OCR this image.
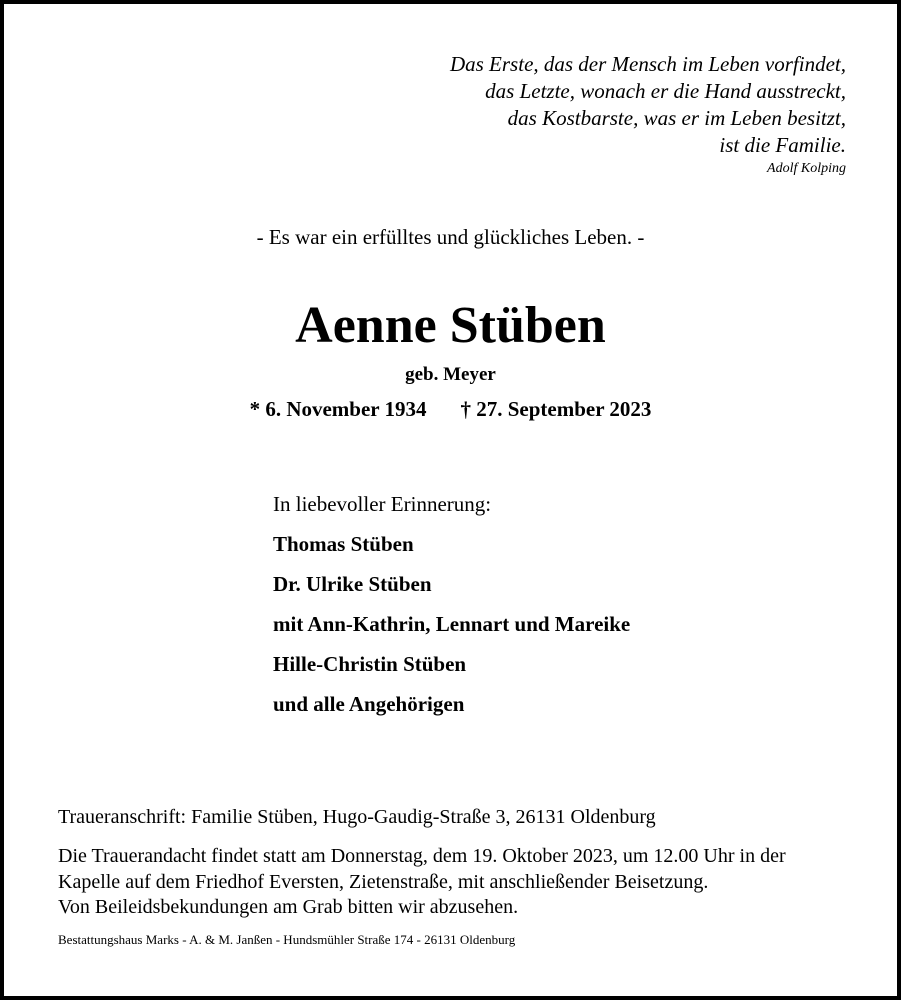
Das Erste, das der Mensch im Leben vorfindet,
das Letzte, wonach er die Hand ausstreckt,
das Kostbarste, was er im Leben besitzt,
ist die Familie.
Adolf Kolping
- Es war ein erfülltes und glückliches Leben. -
Aenne Stüben
geb. Meyer
* 6. November 1934 † 27. September 2023
In liebevoller Erinnerung:
Thomas Stüben
Dr. Ulrike Stüben
mit Ann-Kathrin, Lennart und Mareike
Hille-Christin Stüben
und alle Angehörigen
Traueranschrift: Familie Stüben, Hugo-Gaudig-Straße 3, 26131 Oldenburg
Die Trauerandacht findet statt am Donnerstag, dem 19. Oktober 2023, um 12.00 Uhr in der
Kapelle auf dem Friedhof Eversten, Zietenstraße, mit anschließender Beisetzung.
Von Beileidsbekundungen am Grab bitten wir abzusehen.
Bestattungshaus Marks - A. & M. Janßen - Hundsmühler Straße 174 - 26131 Oldenburg
